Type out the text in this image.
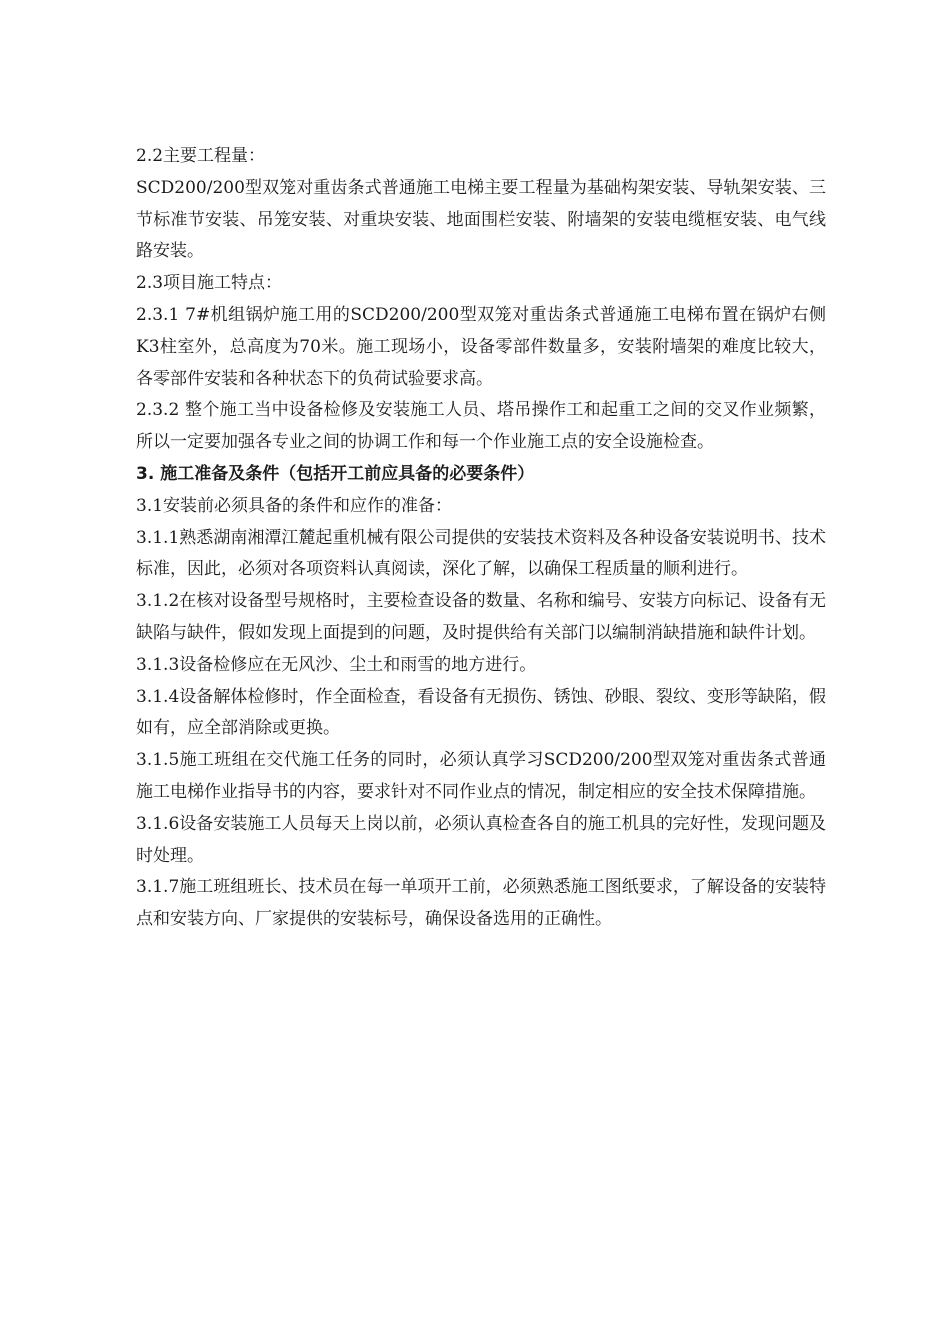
2.2主要工程量：

SCD200/200型双笼对重齿条式普通施工电梯主要工程量为基础构架安装、导轨架安装、三节标准节安装、吊笼安装、对重块安装、地面围栏安装、附墙架的安装电缆框安装、电气线路安装。

2.3项目施工特点：

2.3.1 7#机组锅炉施工用的SCD200/200型双笼对重齿条式普通施工电梯布置在锅炉右侧K3柱室外，总高度为70米。施工现场小，设备零部件数量多，安装附墙架的难度比较大，各零部件安装和各种状态下的负荷试验要求高。

2.3.2 整个施工当中设备检修及安装施工人员、塔吊操作工和起重工之间的交叉作业频繁，所以一定要加强各专业之间的协调工作和每一个作业施工点的安全设施检查。

3. 施工准备及条件（包括开工前应具备的必要条件）

3.1安装前必须具备的条件和应作的准备：

3.1.1熟悉湖南湘潭江麓起重机械有限公司提供的安装技术资料及各种设备安装说明书、技术标准，因此，必须对各项资料认真阅读，深化了解，以确保工程质量的顺利进行。

3.1.2在核对设备型号规格时，主要检查设备的数量、名称和编号、安装方向标记、设备有无缺陷与缺件，假如发现上面提到的问题，及时提供给有关部门以编制消缺措施和缺件计划。

3.1.3设备检修应在无风沙、尘土和雨雪的地方进行。

3.1.4设备解体检修时，作全面检查，看设备有无损伤、锈蚀、砂眼、裂纹、变形等缺陷，假如有，应全部消除或更换。

3.1.5施工班组在交代施工任务的同时，必须认真学习SCD200/200型双笼对重齿条式普通施工电梯作业指导书的内容，要求针对不同作业点的情况，制定相应的安全技术保障措施。

3.1.6设备安装施工人员每天上岗以前，必须认真检查各自的施工机具的完好性，发现问题及时处理。

3.1.7施工班组班长、技术员在每一单项开工前，必须熟悉施工图纸要求，了解设备的安装特点和安装方向、厂家提供的安装标号，确保设备选用的正确性。
